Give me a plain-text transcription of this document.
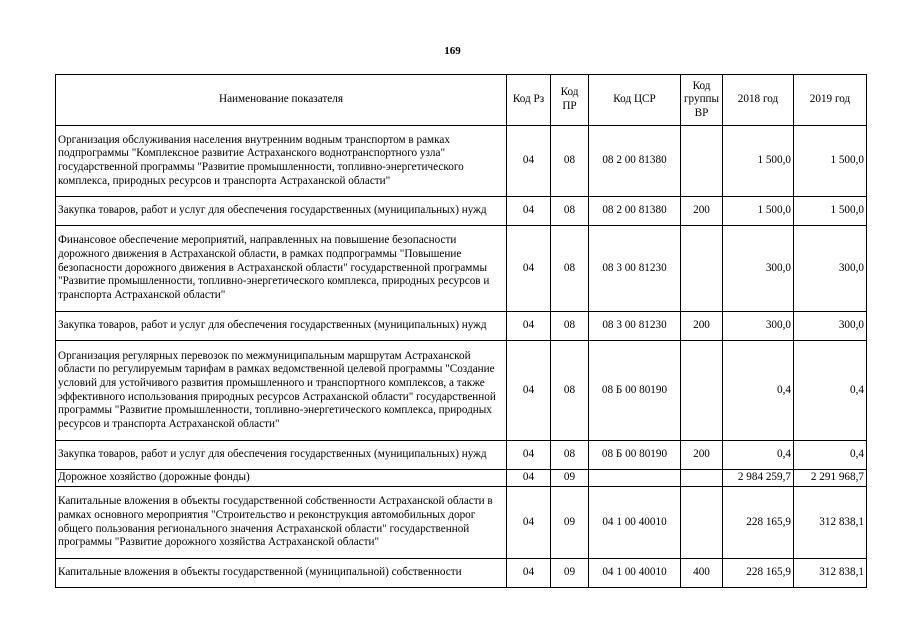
169
Наименование показателя	Код Рз	Код ПР	Код ЦСР	Код группы ВР	2018 год	2019 год
Организация обслуживания населения внутренним водным транспортом в рамках подпрограммы "Комплексное развитие Астраханского воднотранспортного узла" государственной программы "Развитие промышленности, топливно-энергетического комплекса, природных ресурсов и транспорта Астраханской области"	04	08	08 2 00 81380		1 500,0	1 500,0
Закупка товаров, работ и услуг для обеспечения государственных (муниципальных) нужд	04	08	08 2 00 81380	200	1 500,0	1 500,0
Финансовое обеспечение мероприятий, направленных на повышение безопасности дорожного движения в Астраханской области, в рамках подпрограммы "Повышение безопасности дорожного движения в Астраханской области" государственной программы "Развитие промышленности, топливно-энергетического комплекса, природных ресурсов и транспорта Астраханской области"	04	08	08 3 00 81230		300,0	300,0
Закупка товаров, работ и услуг для обеспечения государственных (муниципальных) нужд	04	08	08 3 00 81230	200	300,0	300,0
Организация регулярных перевозок по межмуниципальным маршрутам Астраханской области по регулируемым тарифам в рамках ведомственной целевой программы "Создание условий для устойчивого развития промышленного и транспортного комплексов, а также эффективного использования природных ресурсов Астраханской области" государственной программы "Развитие промышленности, топливно-энергетического комплекса, природных ресурсов и транспорта Астраханской области"	04	08	08 Б 00 80190		0,4	0,4
Закупка товаров, работ и услуг для обеспечения государственных (муниципальных) нужд	04	08	08 Б 00 80190	200	0,4	0,4
Дорожное хозяйство (дорожные фонды)	04	09			2 984 259,7	2 291 968,7
Капитальные вложения в объекты государственной собственности Астраханской области в рамках основного мероприятия "Строительство и реконструкция автомобильных дорог общего пользования регионального значения Астраханской области" государственной программы "Развитие дорожного хозяйства Астраханской области"	04	09	04 1 00 40010		228 165,9	312 838,1
Капитальные вложения в объекты государственной (муниципальной) собственности	04	09	04 1 00 40010	400	228 165,9	312 838,1
